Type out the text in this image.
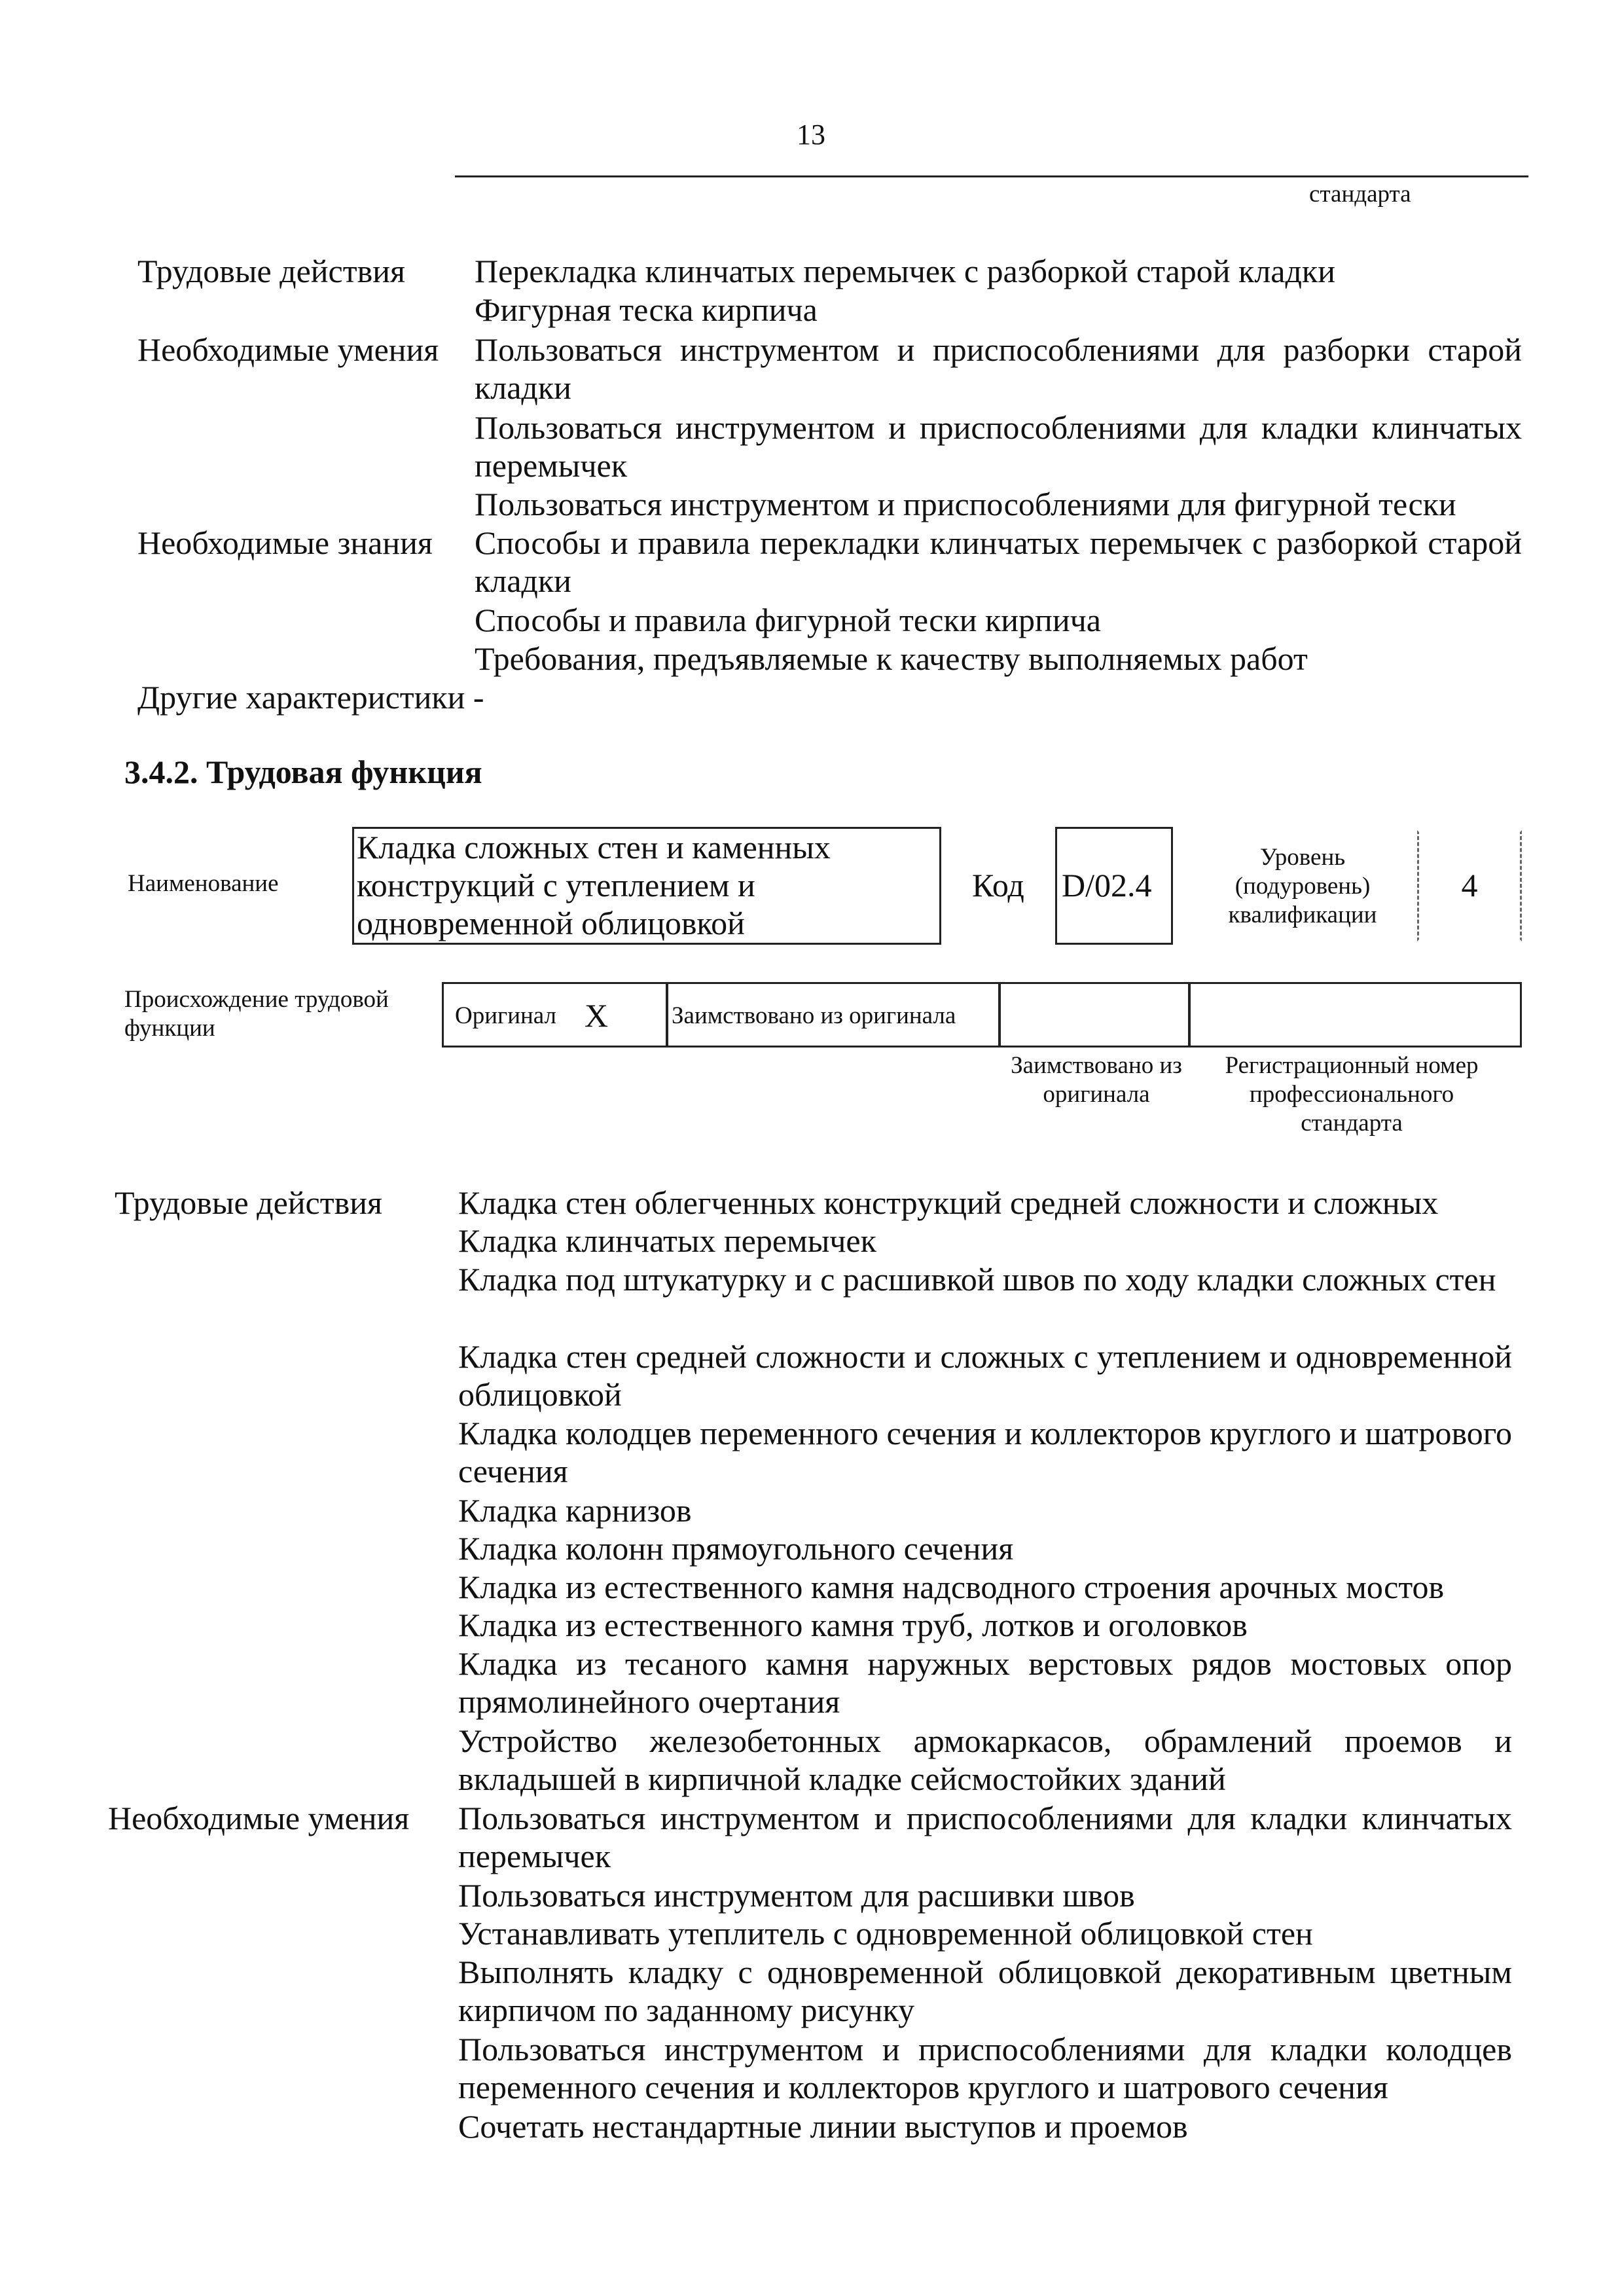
13
стандарта
Трудовые действия	Перекладка клинчатых перемычек с разборкой старой кладки
Фигурная теска кирпича
Необходимые умения	Пользоваться инструментом и приспособлениями для разборки старой кладки
Пользоваться инструментом и приспособлениями для кладки клинчатых перемычек
Пользоваться инструментом и приспособлениями для фигурной тески
Необходимые знания	Способы и правила перекладки клинчатых перемычек с разборкой старой кладки
Способы и правила фигурной тески кирпича
Требования, предъявляемые к качеству выполняемых работ
Другие характеристики -
3.4.2. Трудовая функция
Наименование
Кладка сложных стен и каменных конструкций с утеплением и одновременной облицовкой
Код D/02.4
Уровень (подуровень) квалификации
4
Происхождение трудовой функции	Оригинал X	Заимствовано из оригинала
Заимствовано из оригинала
Регистрационный номер профессионального стандарта
Трудовые действия	Кладка стен облегченных конструкций средней сложности и сложных
Кладка клинчатых перемычек
Кладка под штукатурку и с расшивкой швов по ходу кладки сложных стен
Кладка стен средней сложности и сложных с утеплением и одновременной облицовкой
Кладка колодцев переменного сечения и коллекторов круглого и шатрового сечения
Кладка карнизов
Кладка колонн прямоугольного сечения
Кладка из естественного камня надсводного строения арочных мостов
Кладка из естественного камня труб, лотков и оголовков
Кладка из тесаного камня наружных верстовых рядов мостовых опор прямолинейного очертания
Устройство железобетонных армокаркасов, обрамлений проемов и вкладышей в кирпичной кладке сейсмостойких зданий
Необходимые умения	Пользоваться инструментом и приспособлениями для кладки клинчатых перемычек
Пользоваться инструментом для расшивки швов
Устанавливать утеплитель с одновременной облицовкой стен
Выполнять кладку с одновременной облицовкой декоративным цветным кирпичом по заданному рисунку
Пользоваться инструментом и приспособлениями для кладки колодцев переменного сечения и коллекторов круглого и шатрового сечения
Сочетать нестандартные линии выступов и проемов
